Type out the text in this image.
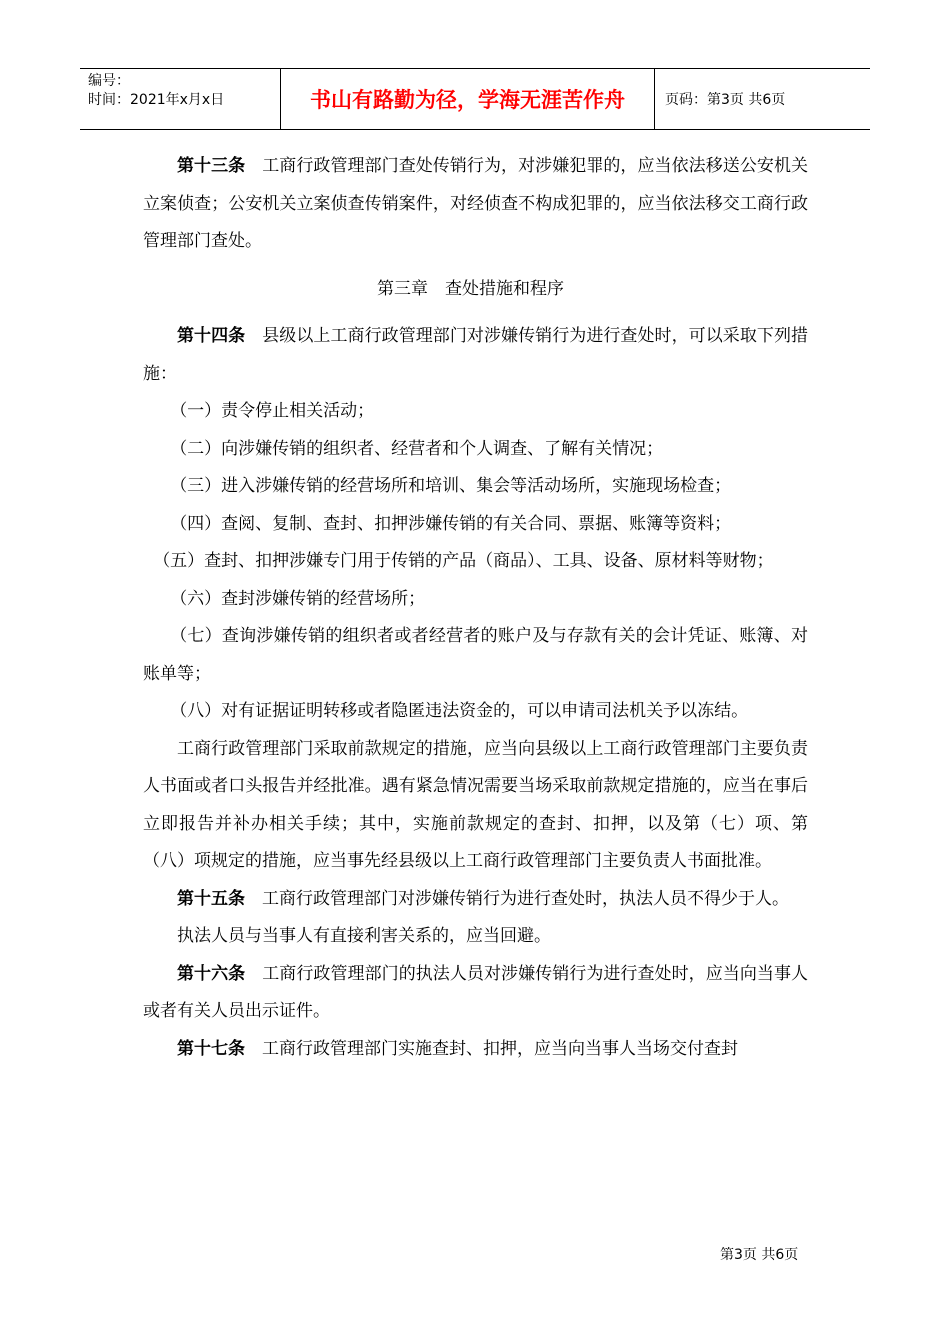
编号：
时间：2021年x月x日	书山有路勤为径，学海无涯苦作舟	页码：第3页 共6页

第十三条 工商行政管理部门查处传销行为，对涉嫌犯罪的，应当依法移送公安机关立案侦查；公安机关立案侦查传销案件，对经侦查不构成犯罪的，应当依法移交工商行政管理部门查处。

第三章　查处措施和程序

第十四条 县级以上工商行政管理部门对涉嫌传销行为进行查处时，可以采取下列措施：

（一）责令停止相关活动；

（二）向涉嫌传销的组织者、经营者和个人调查、了解有关情况；

（三）进入涉嫌传销的经营场所和培训、集会等活动场所，实施现场检查；

（四）查阅、复制、查封、扣押涉嫌传销的有关合同、票据、账簿等资料；

（五）查封、扣押涉嫌专门用于传销的产品（商品）、工具、设备、原材料等财物；

（六）查封涉嫌传销的经营场所；

（七）查询涉嫌传销的组织者或者经营者的账户及与存款有关的会计凭证、账簿、对账单等；

（八）对有证据证明转移或者隐匿违法资金的，可以申请司法机关予以冻结。

工商行政管理部门采取前款规定的措施，应当向县级以上工商行政管理部门主要负责人书面或者口头报告并经批准。遇有紧急情况需要当场采取前款规定措施的，应当在事后立即报告并补办相关手续；其中，实施前款规定的查封、扣押，以及第（七）项、第（八）项规定的措施，应当事先经县级以上工商行政管理部门主要负责人书面批准。

第十五条 工商行政管理部门对涉嫌传销行为进行查处时，执法人员不得少于人。

执法人员与当事人有直接利害关系的，应当回避。

第十六条 工商行政管理部门的执法人员对涉嫌传销行为进行查处时，应当向当事人或者有关人员出示证件。

第十七条 工商行政管理部门实施查封、扣押，应当向当事人当场交付查封

第3页 共6页
